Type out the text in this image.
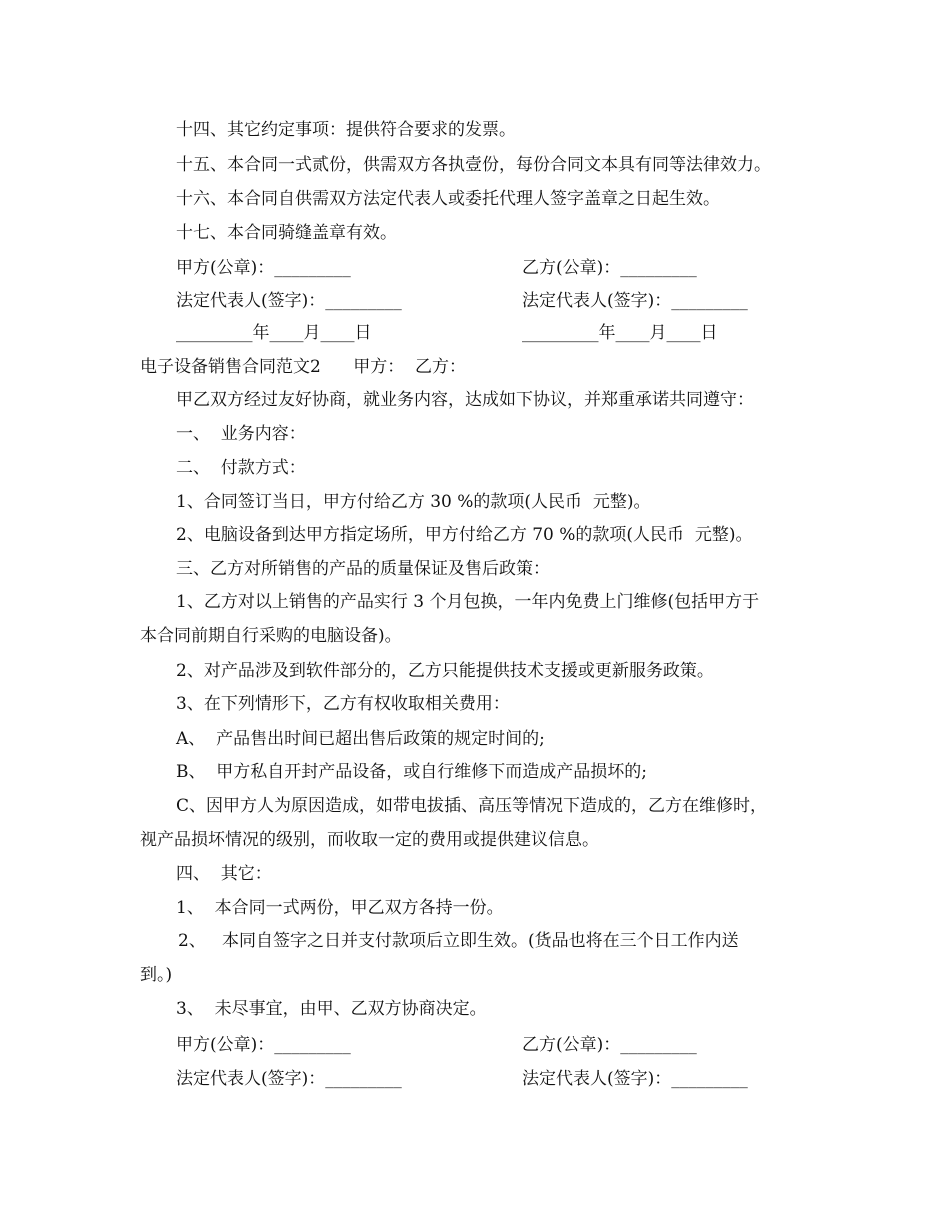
十四、其它约定事项：提供符合要求的发票。
十五、本合同一式贰份，供需双方各执壹份，每份合同文本具有同等法律效力。
十六、本合同自供需双方法定代表人或委托代理人签字盖章之日起生效。
十七、本合同骑缝盖章有效。
甲方(公章)：_________	乙方(公章)：_________
法定代表人(签字)：_________	法定代表人(签字)：_________
_________年____月____日	_________年____月____日
电子设备销售合同范文2      甲方：  乙方：
甲乙双方经过友好协商，就业务内容，达成如下协议，并郑重承诺共同遵守：
一、  业务内容：
二、  付款方式：
1、合同签订当日，甲方付给乙方 30 %的款项(人民币  元整)。
2、电脑设备到达甲方指定场所，甲方付给乙方 70 %的款项(人民币  元整)。
三、乙方对所销售的产品的质量保证及售后政策：
1、乙方对以上销售的产品实行 3 个月包换，一年内免费上门维修(包括甲方于
本合同前期自行采购的电脑设备)。
2、对产品涉及到软件部分的，乙方只能提供技术支援或更新服务政策。
3、在下列情形下，乙方有权收取相关费用：
A、  产品售出时间已超出售后政策的规定时间的;
B、  甲方私自开封产品设备，或自行维修下而造成产品损坏的;
C、因甲方人为原因造成，如带电拔插、高压等情况下造成的，乙方在维修时，
视产品损坏情况的级别，而收取一定的费用或提供建议信息。
四、  其它：
1、  本合同一式两份，甲乙双方各持一份。
2、   本同自签字之日并支付款项后立即生效。(货品也将在三个日工作内送
到。)
3、  未尽事宜，由甲、乙双方协商决定。
甲方(公章)：_________	乙方(公章)：_________
法定代表人(签字)：_________	法定代表人(签字)：_________
